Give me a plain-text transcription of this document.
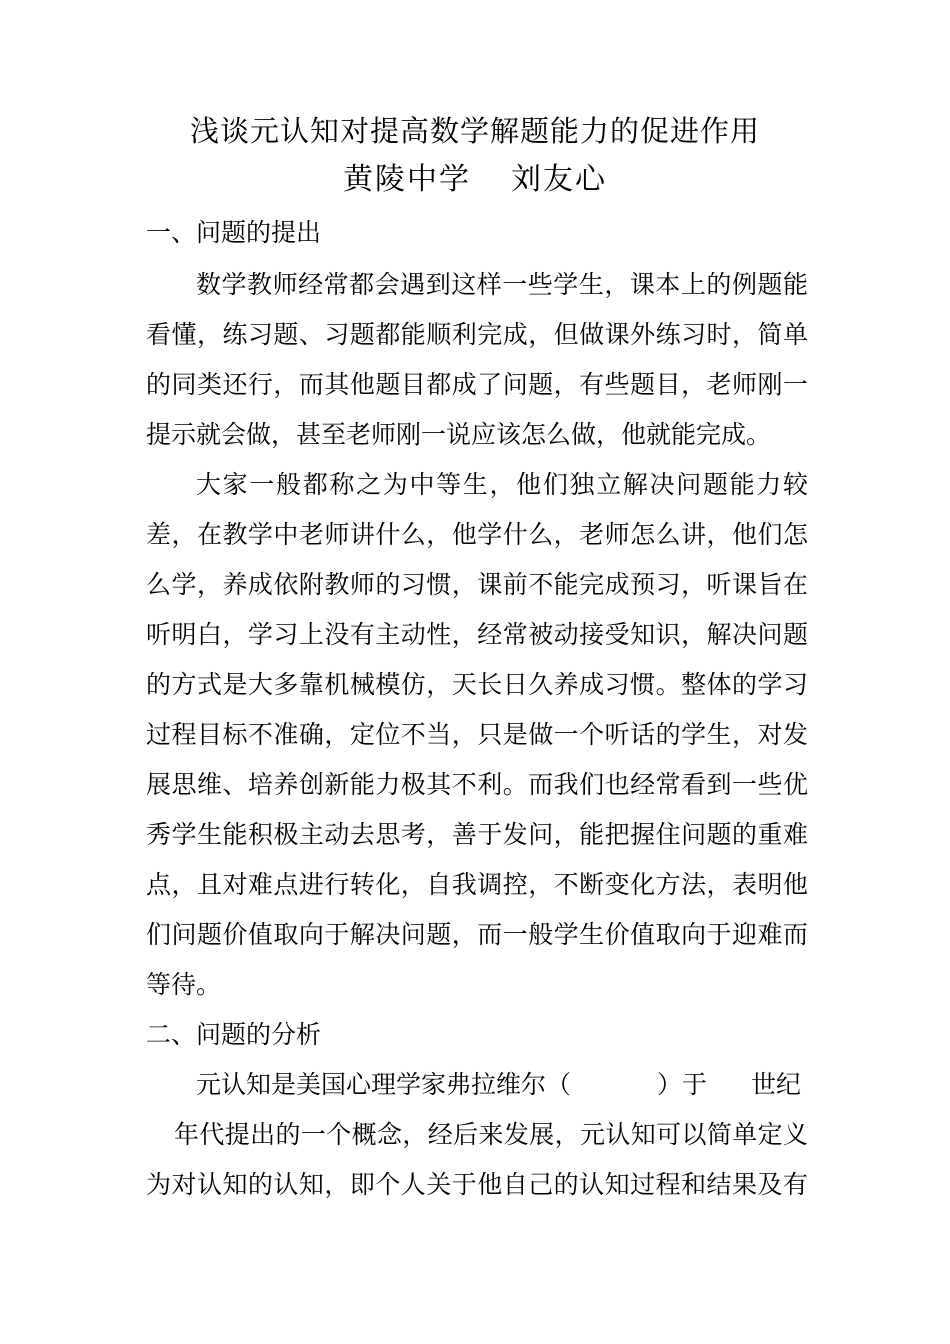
浅谈元认知对提高数学解题能力的促进作用
黄陵中学 刘友心
一、问题的提出
数学教师经常都会遇到这样一些学生，课本上的例题能
看懂，练习题、习题都能顺利完成，但做课外练习时，简单
的同类还行，而其他题目都成了问题，有些题目，老师刚一
提示就会做，甚至老师刚一说应该怎么做，他就能完成。
大家一般都称之为中等生，他们独立解决问题能力较
差，在教学中老师讲什么，他学什么，老师怎么讲，他们怎
么学，养成依附教师的习惯，课前不能完成预习，听课旨在
听明白，学习上没有主动性，经常被动接受知识，解决问题
的方式是大多靠机械模仿，天长日久养成习惯。整体的学习
过程目标不准确，定位不当，只是做一个听话的学生，对发
展思维、培养创新能力极其不利。而我们也经常看到一些优
秀学生能积极主动去思考，善于发问，能把握住问题的重难
点，且对难点进行转化，自我调控，不断变化方法，表明他
们问题价值取向于解决问题，而一般学生价值取向于迎难而
等待。
二、问题的分析
元认知是美国心理学家弗拉维尔（	）于 世纪
年代提出的一个概念，经后来发展，元认知可以简单定义
为对认知的认知，即个人关于他自己的认知过程和结果及有
